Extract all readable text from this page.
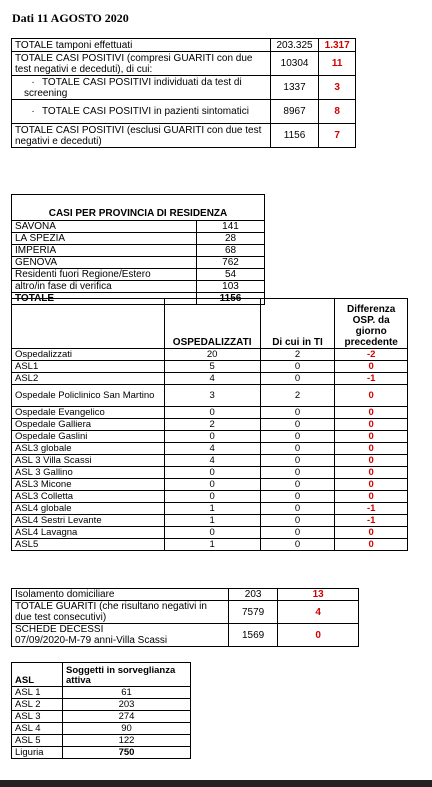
Dati 11 AGOSTO 2020
TOTALE tamponi effettuati	203.325	1.317
TOTALE CASI POSITIVI (compresi GUARITI con due test negativi e deceduti), di cui:	10304	11
· TOTALE CASI POSITIVI individuati da test di screening	1337	3
· TOTALE CASI POSITIVI in pazienti sintomatici	8967	8
TOTALE CASI POSITIVI (esclusi GUARITI con due test negativi e deceduti)	1156	7

CASI PER PROVINCIA DI RESIDENZA	
SAVONA	141
LA SPEZIA	28
IMPERIA	68
GENOVA	762
Residenti fuori Regione/Estero	54
altro/in fase di verifica	103
TOTALE	1156
	OSPEDALIZZATI	Di cui in TI	Differenza OSP. da giorno precedente
Ospedalizzati	20	2	-2
ASL1	5	0	0
ASL2	4	0	-1
Ospedale Policlinico San Martino	3	2	0
Ospedale Evangelico	0	0	0
Ospedale Galliera	2	0	0
Ospedale Gaslini	0	0	0
ASL3 globale	4	0	0
ASL 3 Villa Scassi	4	0	0
ASL 3 Gallino	0	0	0
ASL3 Micone	0	0	0
ASL3 Colletta	0	0	0
ASL4 globale	1	0	-1
ASL4 Sestri Levante	1	0	-1
ASL4 Lavagna	0	0	0
ASL5	1	0	0
Isolamento domiciliare	203	13
TOTALE GUARITI (che risultano negativi in due test consecutivi)	7579	4
SCHEDE DECESSI
07/09/2020-M-79 anni-Villa Scassi	1569	0
ASL	Soggetti in sorveglianza attiva
ASL 1	61
ASL 2	203
ASL 3	274
ASL 4	90
ASL 5	122
Liguria	750
